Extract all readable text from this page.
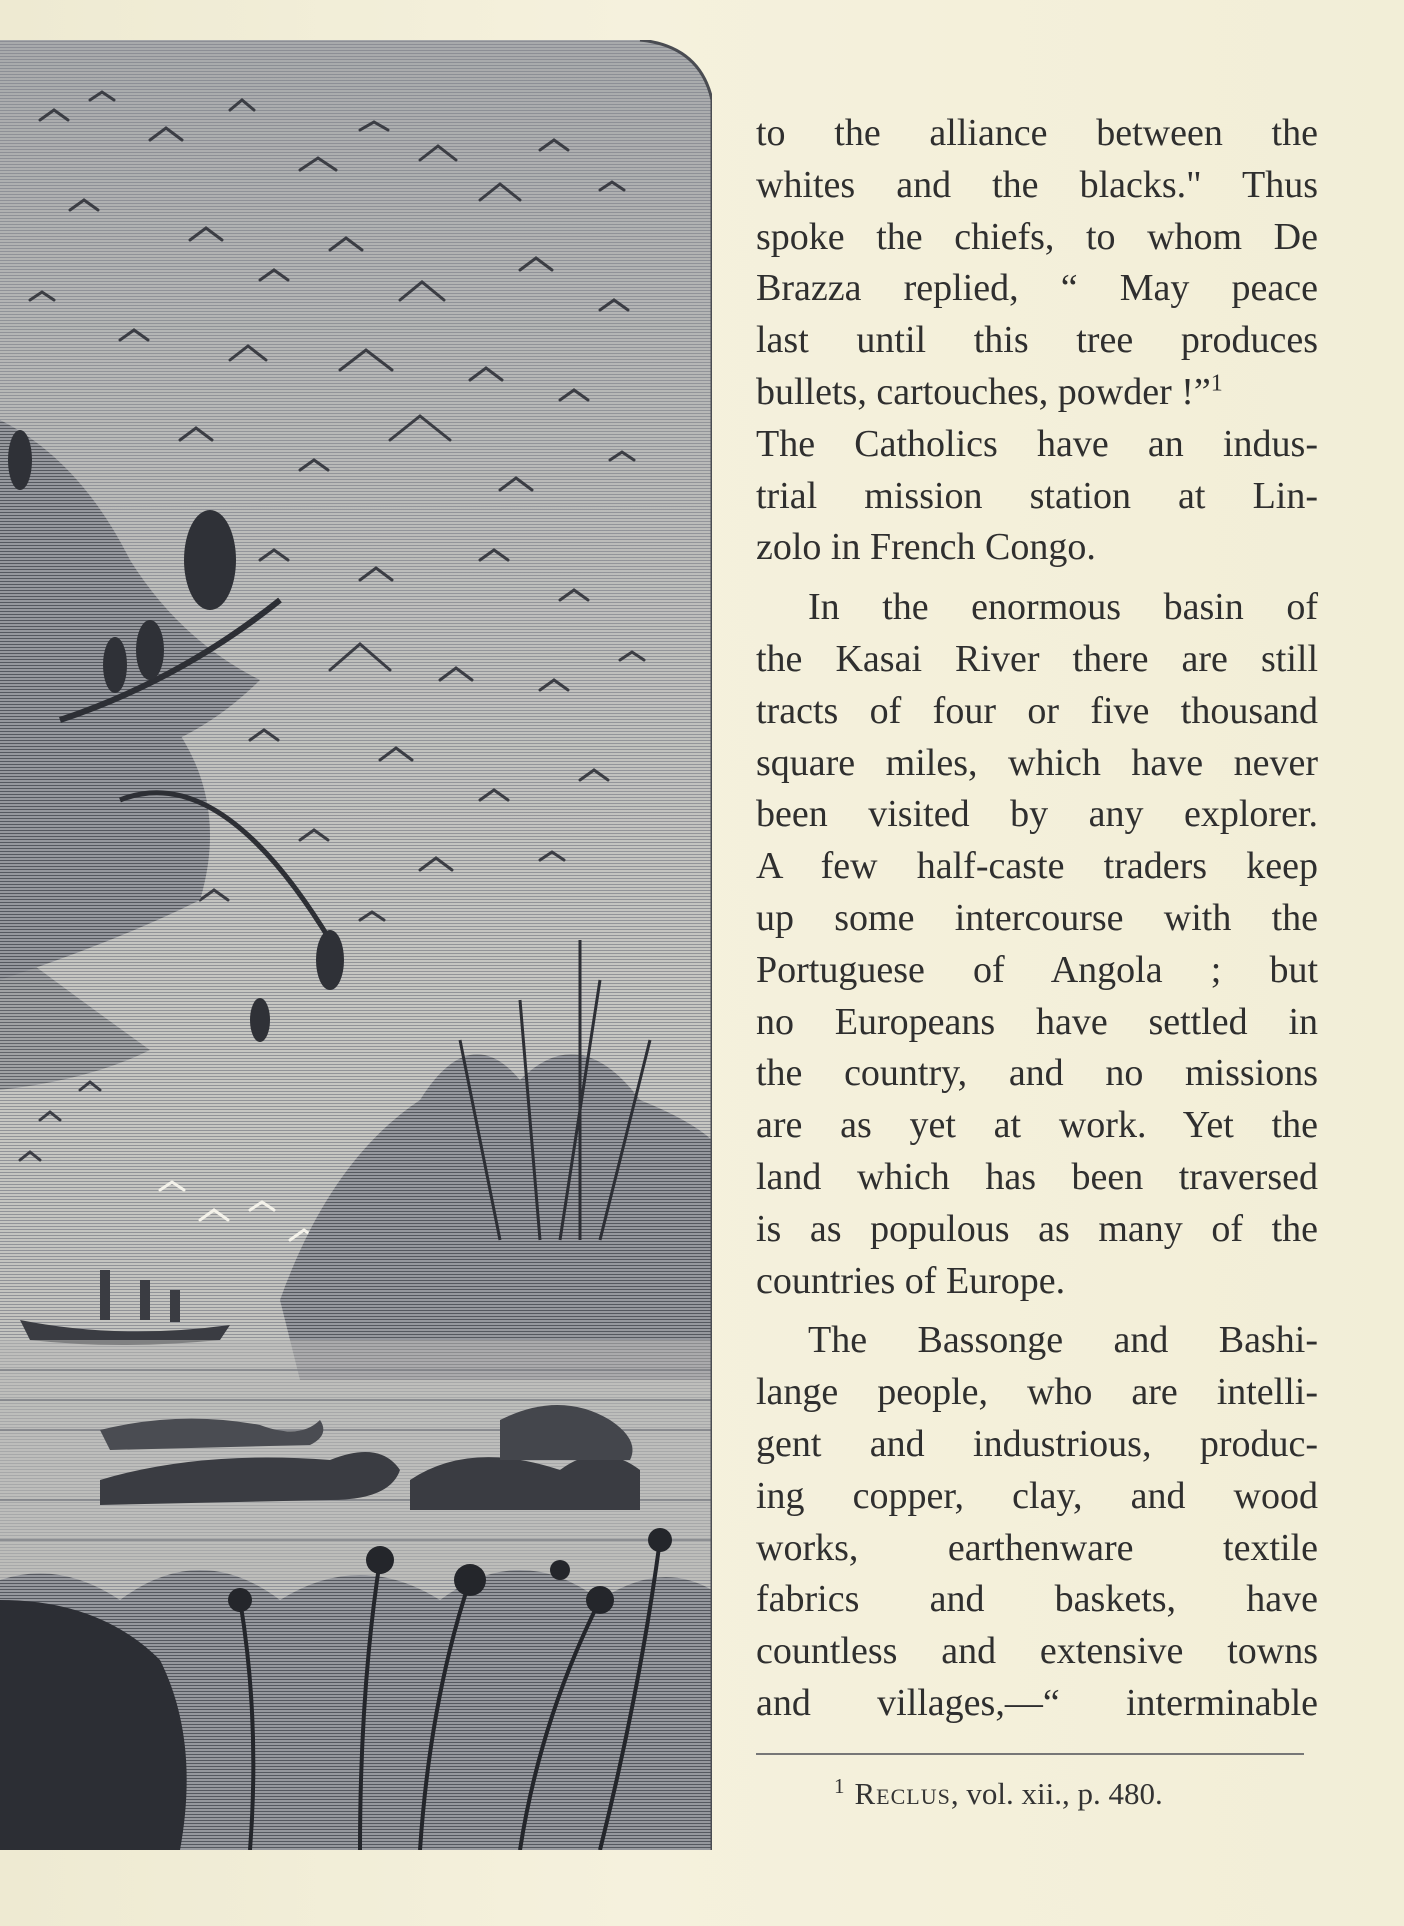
to the alliance between the
whites and the blacks." Thus
spoke the chiefs, to whom De
Brazza replied, “ May peace
last until this tree produces
bullets, cartouches, powder !”$^1$
The Catholics have an indus-
trial mission station at Lin-
zolo in French Congo.

In the enormous basin of
the Kasai River there are still
tracts of four or five thousand
square miles, which have never
been visited by any explorer.
A few half-caste traders keep
up some intercourse with the
Portuguese of Angola ; but
no Europeans have settled in
the country, and no missions
are as yet at work. Yet the
land which has been traversed
is as populous as many of the
countries of Europe.

The Bassonge and Bashi-
lange people, who are intelli-
gent and industrious, produc-
ing copper, clay, and wood
works, earthenware textile
fabrics and baskets, have
countless and extensive towns
and villages,—“ interminable

$^1$ Reclus, vol. xii., p. 480.
